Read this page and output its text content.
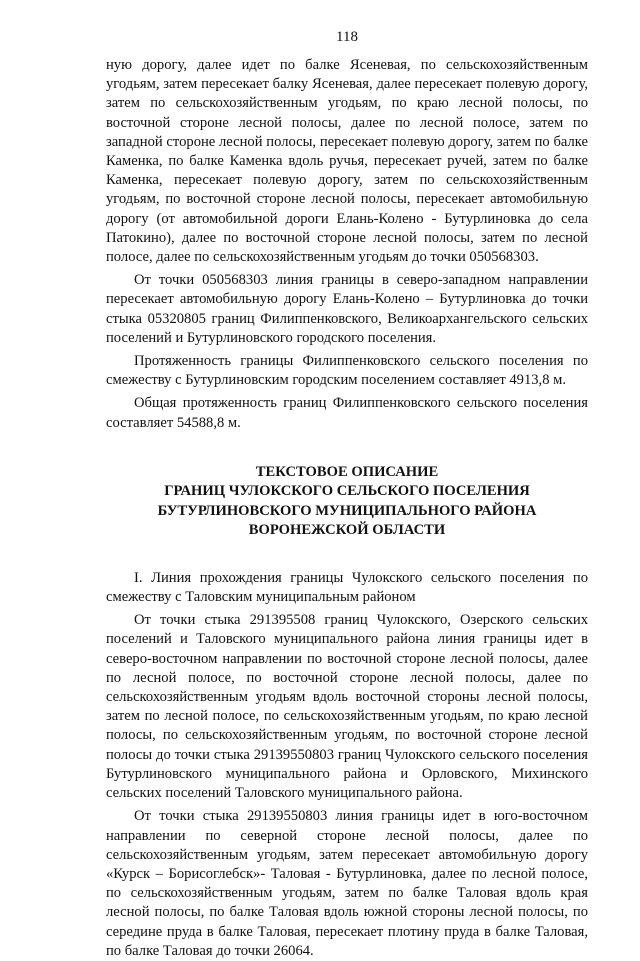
118

ную дорогу, далее идет по балке Ясеневая, по сельскохозяйственным угодьям, затем пересекает балку Ясеневая, далее пересекает полевую дорогу, затем по сельскохозяйственным угодьям, по краю лесной полосы, по восточной стороне лесной полосы, далее по лесной полосе, затем по западной стороне лесной полосы, пересекает полевую дорогу, затем по балке Каменка, по балке Каменка вдоль ручья, пересекает ручей, затем по балке Каменка, пересекает полевую дорогу, затем по сельскохозяйственным угодьям, по восточной стороне лесной полосы, пересекает автомобильную дорогу (от автомобильной дороги Елань-Колено - Бутурлиновка до села Патокино), далее по восточной стороне лесной полосы, затем по лесной полосе, далее по сельскохозяйственным угодьям до точки 050568303.

От точки 050568303 линия границы в северо-западном направлении пересекает автомобильную дорогу Елань-Колено – Бутурлиновка до точки стыка 05320805 границ Филиппенковского, Великоархангельского сельских поселений и Бутурлиновского городского поселения.

Протяженность границы Филиппенковского сельского поселения по смежеству с Бутурлиновским городским поселением составляет 4913,8 м.

Общая протяженность границ Филиппенковского сельского поселения составляет 54588,8 м.

ТЕКСТОВОЕ ОПИСАНИЕ
ГРАНИЦ ЧУЛОКСКОГО СЕЛЬСКОГО ПОСЕЛЕНИЯ
БУТУРЛИНОВСКОГО МУНИЦИПАЛЬНОГО РАЙОНА
ВОРОНЕЖСКОЙ ОБЛАСТИ

I. Линия прохождения границы Чулокского сельского поселения по смежеству с Таловским муниципальным районом

От точки стыка 291395508 границ Чулокского, Озерского сельских поселений и Таловского муниципального района линия границы идет в северо-восточном направлении по восточной стороне лесной полосы, далее по лесной полосе, по восточной стороне лесной полосы, далее по сельскохозяйственным угодьям вдоль восточной стороны лесной полосы, затем по лесной полосе, по сельскохозяйственным угодьям, по краю лесной полосы, по сельскохозяйственным угодьям, по восточной стороне лесной полосы до точки стыка 29139550803 границ Чулокского сельского поселения Бутурлиновского муниципального района и Орловского, Михинского сельских поселений Таловского муниципального района.

От точки стыка 29139550803 линия границы идет в юго-восточном направлении по северной стороне лесной полосы, далее по сельскохозяйственным угодьям, затем пересекает автомобильную дорогу «Курск – Борисоглебск»- Таловая - Бутурлиновка, далее по лесной полосе, по сельскохозяйственным угодьям, затем по балке Таловая вдоль края лесной полосы, по балке Таловая вдоль южной стороны лесной полосы, по середине пруда в балке Таловая, пересекает плотину пруда в балке Таловая, по балке Таловая до точки 26064.
